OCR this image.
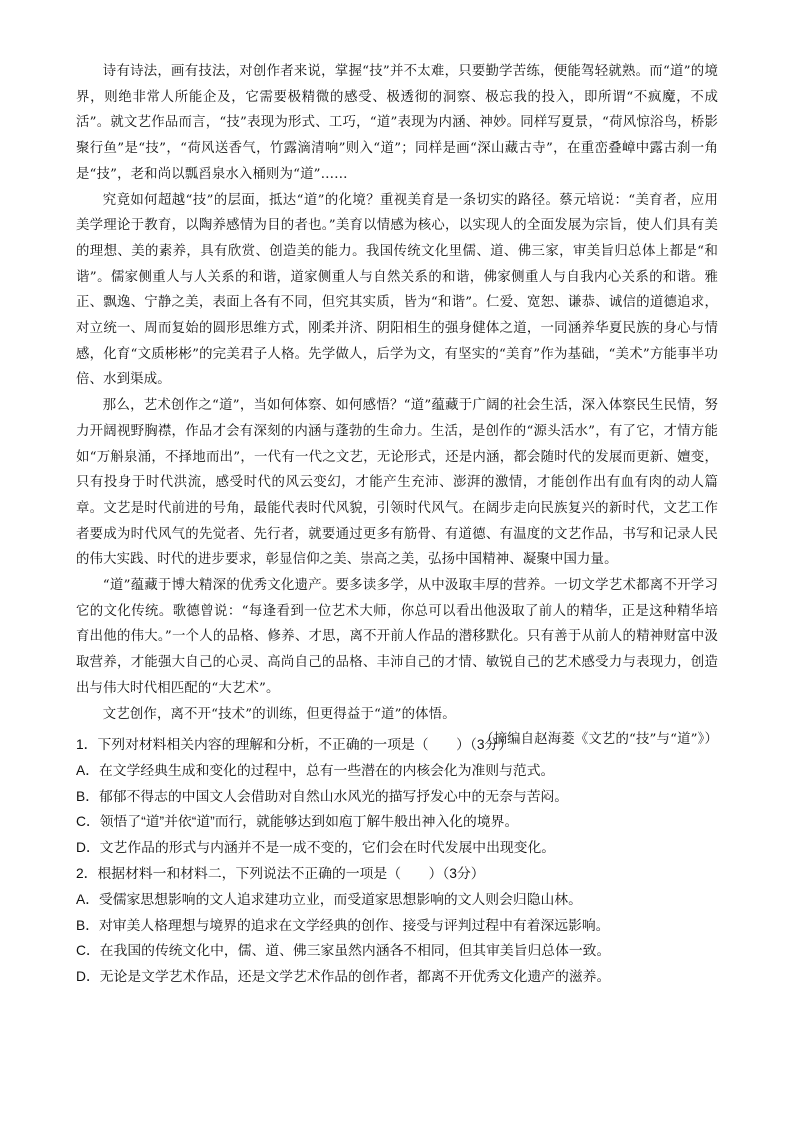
诗有诗法，画有技法，对创作者来说，掌握“技”并不太难，只要勤学苦练，便能驾轻就熟。而“道”的境界，则绝非常人所能企及，它需要极精微的感受、极透彻的洞察、极忘我的投入，即所谓“不疯魔，不成活”。就文艺作品而言，“技”表现为形式、工巧，“道”表现为内涵、神妙。同样写夏景，“荷风惊浴鸟，桥影聚行鱼”是“技”，“荷风送香气，竹露滴清响”则入“道”；同样是画“深山藏古寺”，在重峦叠嶂中露古刹一角是“技”，老和尚以瓢舀泉水入桶则为“道”……

究竟如何超越“技”的层面，抵达“道”的化境？重视美育是一条切实的路径。蔡元培说：“美育者，应用美学理论于教育，以陶养感情为目的者也。”美育以情感为核心，以实现人的全面发展为宗旨，使人们具有美的理想、美的素养，具有欣赏、创造美的能力。我国传统文化里儒、道、佛三家，审美旨归总体上都是“和谐”。儒家侧重人与人关系的和谐，道家侧重人与自然关系的和谐，佛家侧重人与自我内心关系的和谐。雅正、飘逸、宁静之美，表面上各有不同，但究其实质，皆为“和谐”。仁爱、宽恕、谦恭、诚信的道德追求，对立统一、周而复始的圆形思维方式，刚柔并济、阴阳相生的强身健体之道，一同涵养华夏民族的身心与情感，化育“文质彬彬”的完美君子人格。先学做人，后学为文，有坚实的“美育”作为基础，“美术”方能事半功倍、水到渠成。

那么，艺术创作之“道”，当如何体察、如何感悟？“道”蕴藏于广阔的社会生活，深入体察民生民情，努力开阔视野胸襟，作品才会有深刻的内涵与蓬勃的生命力。生活，是创作的“源头活水”，有了它，才情方能如“万斛泉涌，不择地而出”，一代有一代之文艺，无论形式，还是内涵，都会随时代的发展而更新、嬗变，只有投身于时代洪流，感受时代的风云变幻，才能产生充沛、澎湃的激情，才能创作出有血有肉的动人篇章。文艺是时代前进的号角，最能代表时代风貌，引领时代风气。在阔步走向民族复兴的新时代，文艺工作者要成为时代风气的先觉者、先行者，就要通过更多有筋骨、有道德、有温度的文艺作品，书写和记录人民的伟大实践、时代的进步要求，彰显信仰之美、崇高之美，弘扬中国精神、凝聚中国力量。

“道”蕴藏于博大精深的优秀文化遗产。要多读多学，从中汲取丰厚的营养。一切文学艺术都离不开学习它的文化传统。歌德曾说：“每逢看到一位艺术大师，你总可以看出他汲取了前人的精华，正是这种精华培育出他的伟大。”一个人的品格、修养、才思，离不开前人作品的潜移默化。只有善于从前人的精神财富中汲取营养，才能强大自己的心灵、高尚自己的品格、丰沛自己的才情、敏锐自己的艺术感受力与表现力，创造出与伟大时代相匹配的“大艺术”。

文艺创作，离不开“技术”的训练，但更得益于“道”的体悟。

（摘编自赵海菱《文艺的“技”与“道”》）
1．下列对材料相关内容的理解和分析，不正确的一项是（　　）（3分）
A．在文学经典生成和变化的过程中，总有一些潜在的内核会化为准则与范式。
B．郁郁不得志的中国文人会借助对自然山水风光的描写抒发心中的无奈与苦闷。
C．领悟了“道”并依“道”而行，就能够达到如庖丁解牛般出神入化的境界。
D．文艺作品的形式与内涵并不是一成不变的，它们会在时代发展中出现变化。
2．根据材料一和材料二，下列说法不正确的一项是（　　）（3分）
A．受儒家思想影响的文人追求建功立业，而受道家思想影响的文人则会归隐山林。
B．对审美人格理想与境界的追求在文学经典的创作、接受与评判过程中有着深远影响。
C．在我国的传统文化中，儒、道、佛三家虽然内涵各不相同，但其审美旨归总体一致。
D．无论是文学艺术作品，还是文学艺术作品的创作者，都离不开优秀文化遗产的滋养。
